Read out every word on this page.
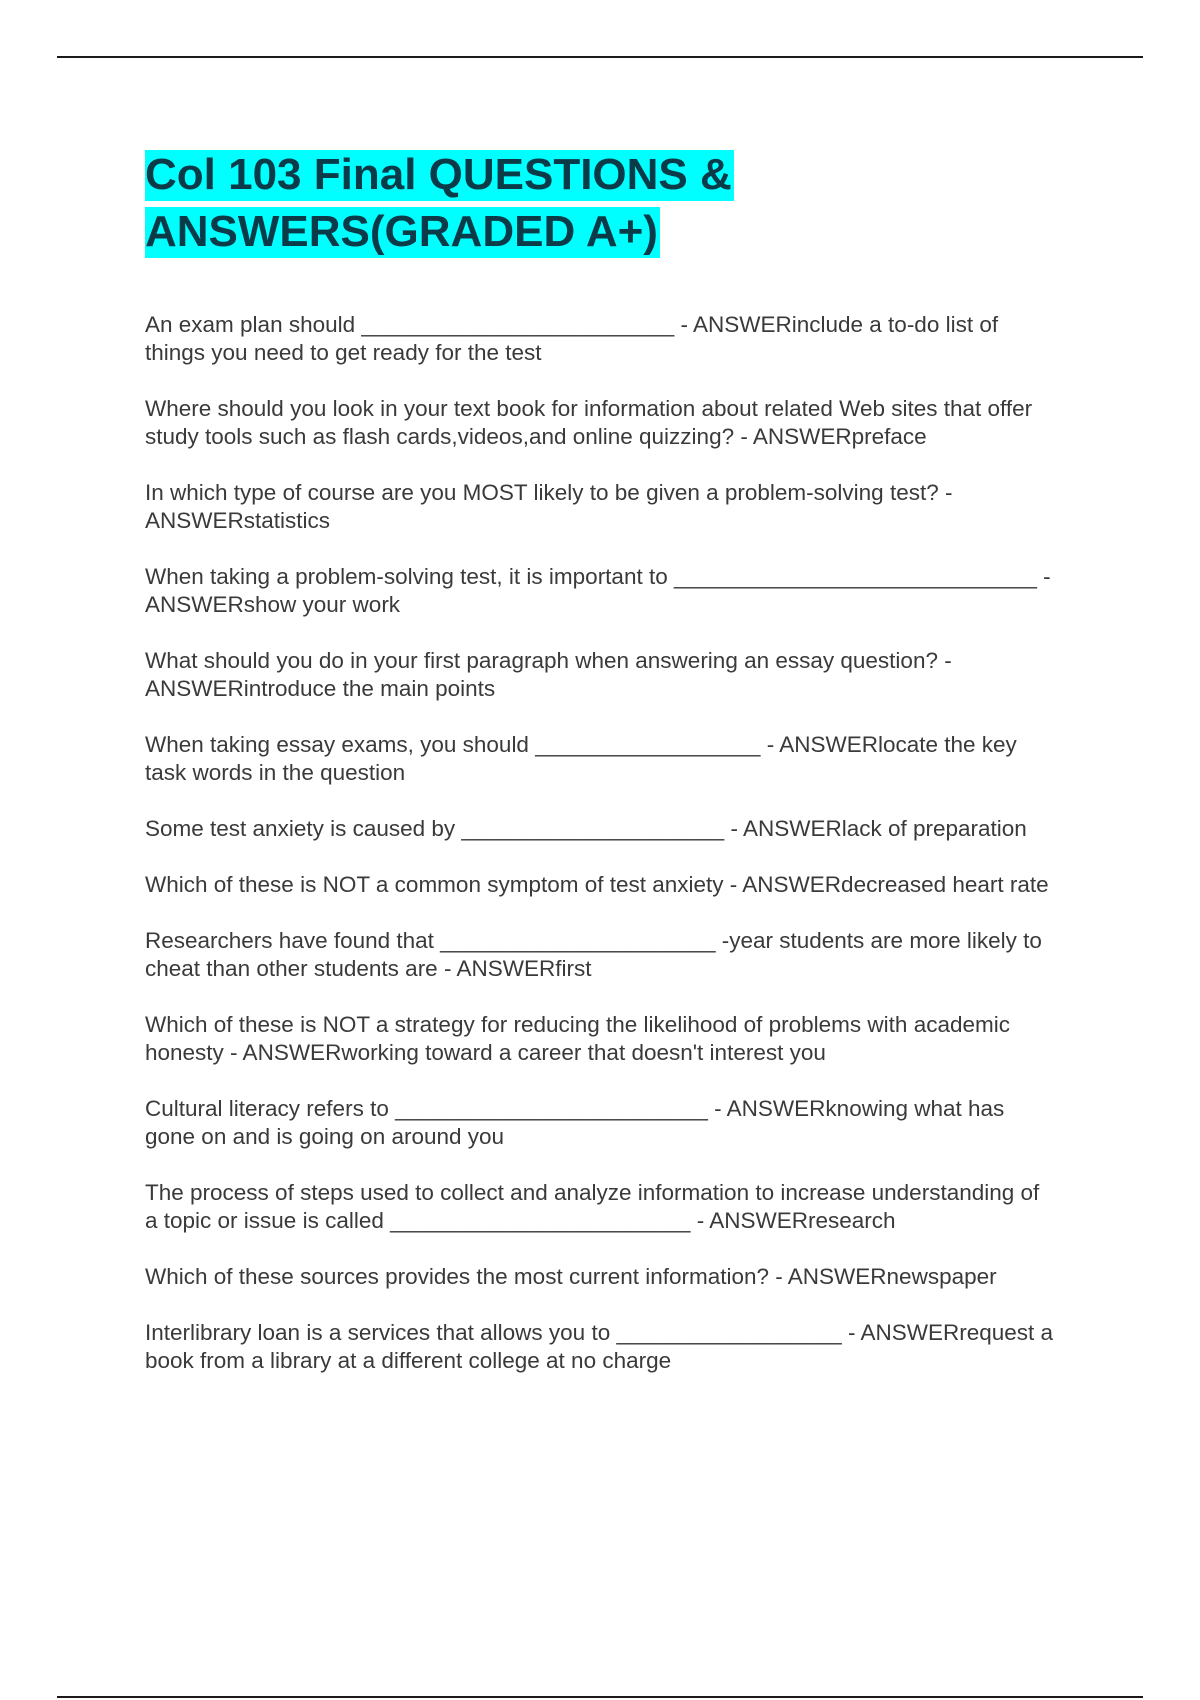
Col 103 Final QUESTIONS & ANSWERS(GRADED A+)

An exam plan should _________________________ - ANSWERinclude a to-do list of things you need to get ready for the test

Where should you look in your text book for information about related Web sites that offer study tools such as flash cards,videos,and online quizzing? - ANSWERpreface

In which type of course are you MOST likely to be given a problem-solving test? - ANSWERstatistics

When taking a problem-solving test, it is important to _____________________________ - ANSWERshow your work

What should you do in your first paragraph when answering an essay question? - ANSWERintroduce the main points

When taking essay exams, you should __________________ - ANSWERlocate the key task words in the question

Some test anxiety is caused by _____________________ - ANSWERlack of preparation

Which of these is NOT a common symptom of test anxiety - ANSWERdecreased heart rate

Researchers have found that ______________________ -year students are more likely to cheat than other students are - ANSWERfirst

Which of these is NOT a strategy for reducing the likelihood of problems with academic honesty - ANSWERworking toward a career that doesn't interest you

Cultural literacy refers to _________________________ - ANSWERknowing what has gone on and is going on around you

The process of steps used to collect and analyze information to increase understanding of a topic or issue is called ________________________ - ANSWERresearch

Which of these sources provides the most current information? - ANSWERnewspaper

Interlibrary loan is a services that allows you to __________________ - ANSWERrequest a book from a library at a different college at no charge
